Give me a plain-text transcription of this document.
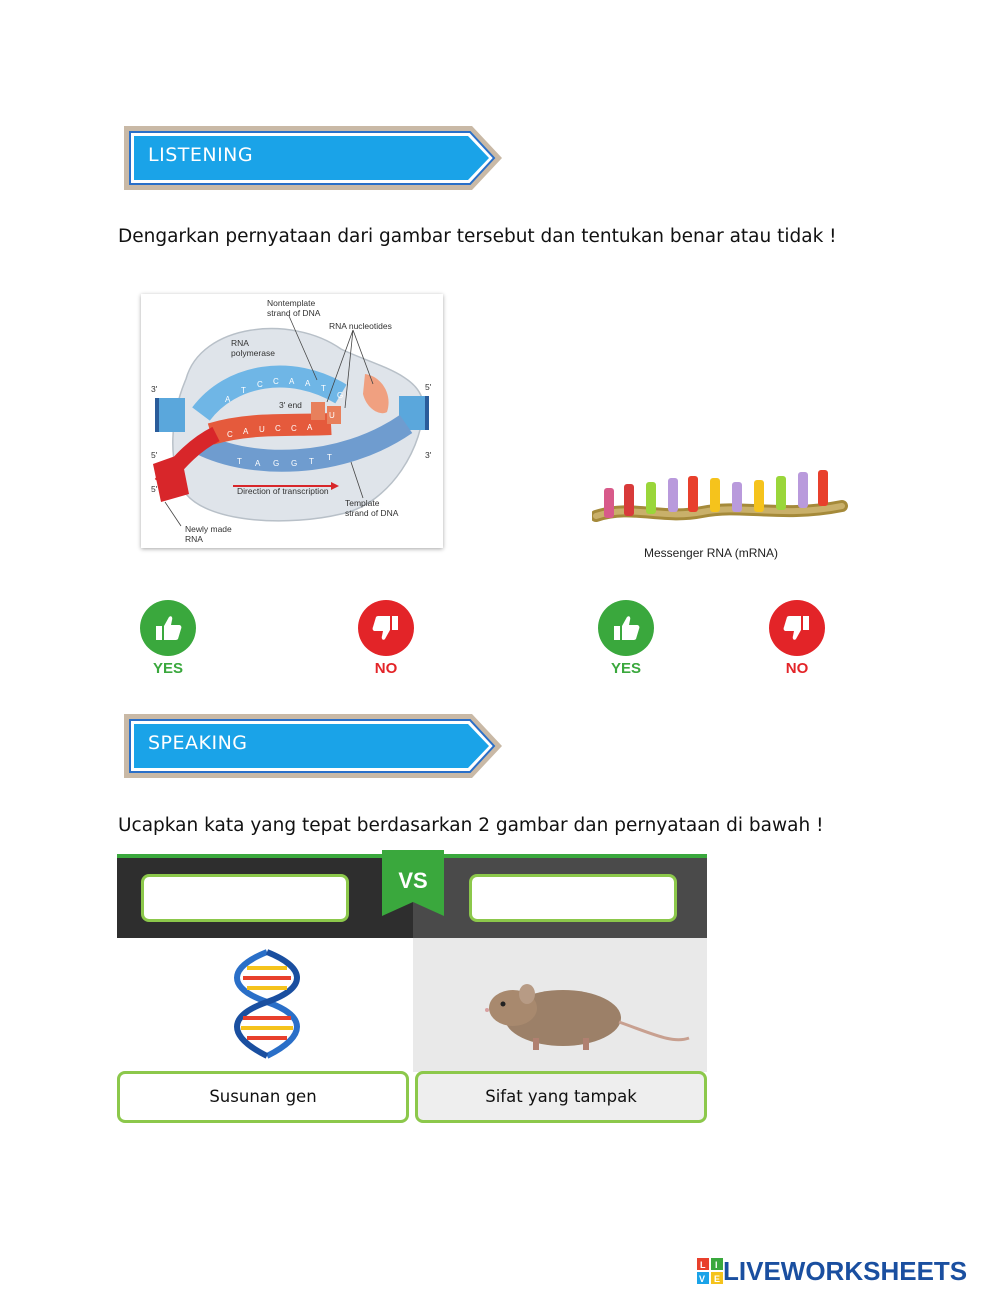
LISTENING
Dengarkan pernyataan dari gambar tersebut dan tentukan benar atau tidak !
A
T
C C A A
T
G
T A G G T T
C A U C C A
U
Nontemplate
strand of DNA
RNA nucleotides
RNA
polymerase
3' end
Direction of transcription
Template
strand of DNA
Newly made
RNA
3'	5'
5'	3'
5'
Messenger RNA (mRNA)
YES	NO	YES	NO
SPEAKING
Ucapkan kata yang tepat berdasarkan 2 gambar dan pernyataan di bawah !
VS
Susunan gen	Sifat yang tampak
L I
V E LIVEWORKSHEETS
